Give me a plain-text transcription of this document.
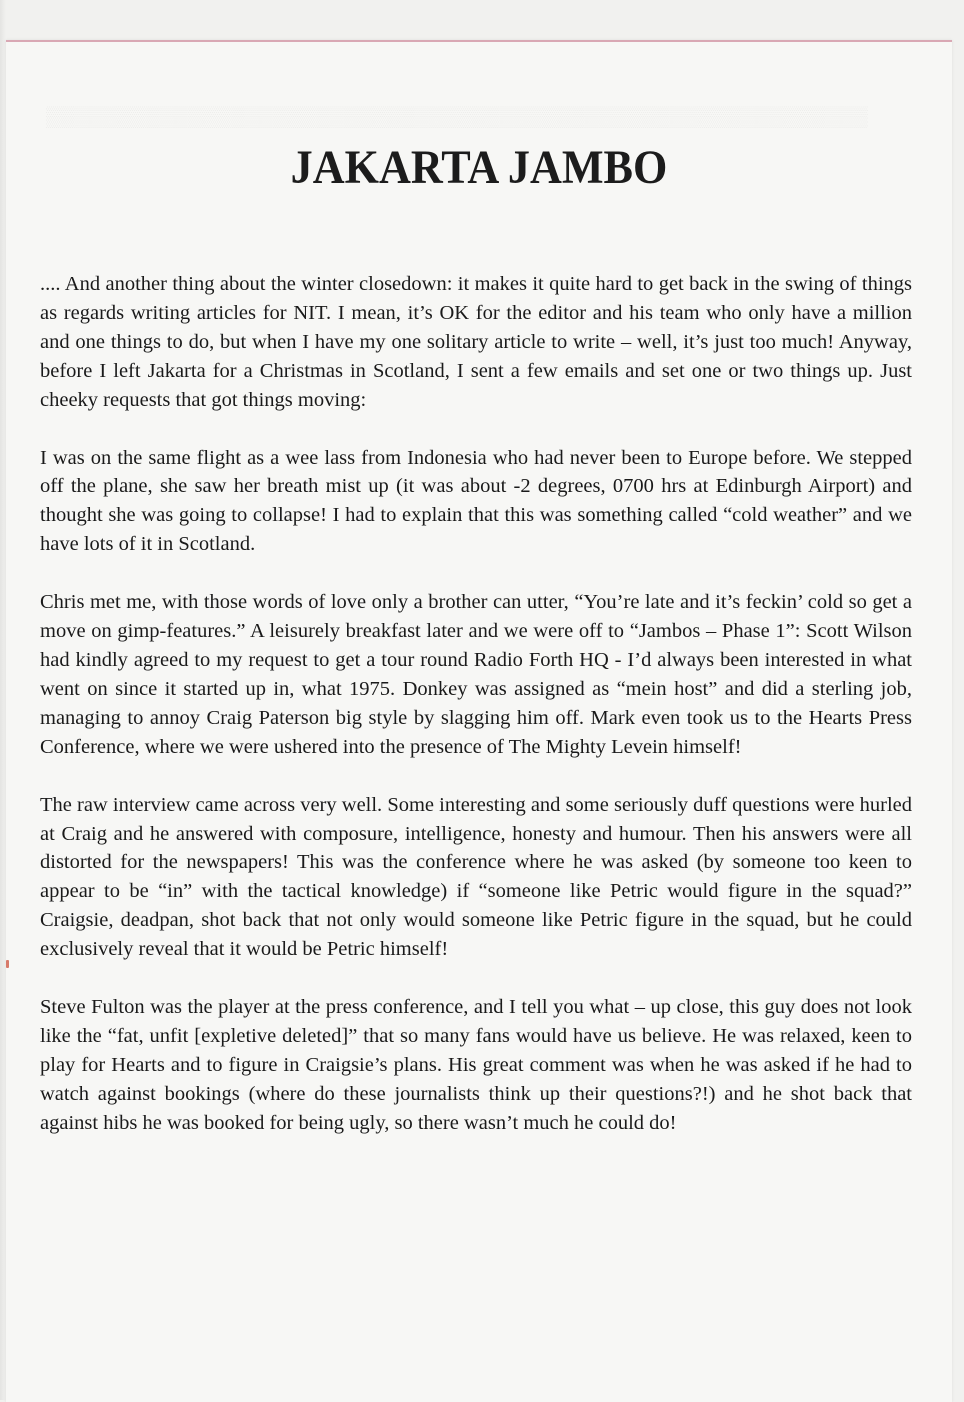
JAKARTA JAMBO

.... And another thing about the winter closedown: it makes it quite hard to get back in the swing of things as regards writing articles for NIT. I mean, it’s OK for the editor and his team who only have a million and one things to do, but when I have my one solitary article to write – well, it’s just too much! Anyway, before I left Jakarta for a Christmas in Scotland, I sent a few emails and set one or two things up. Just cheeky requests that got things moving:

I was on the same flight as a wee lass from Indonesia who had never been to Europe before. We stepped off the plane, she saw her breath mist up (it was about -2 degrees, 0700 hrs at Edinburgh Airport) and thought she was going to collapse! I had to explain that this was something called “cold weather” and we have lots of it in Scotland.

Chris met me, with those words of love only a brother can utter, “You’re late and it’s feckin’ cold so get a move on gimp-features.” A leisurely breakfast later and we were off to “Jambos – Phase 1”: Scott Wilson had kindly agreed to my request to get a tour round Radio Forth HQ - I’d always been interested in what went on since it started up in, what 1975. Donkey was assigned as “mein host” and did a sterling job, managing to annoy Craig Paterson big style by slagging him off. Mark even took us to the Hearts Press Conference, where we were ushered into the presence of The Mighty Levein himself!

The raw interview came across very well. Some interesting and some seriously duff questions were hurled at Craig and he answered with composure, intelligence, honesty and humour. Then his answers were all distorted for the newspapers! This was the conference where he was asked (by someone too keen to appear to be “in” with the tactical knowledge) if “someone like Petric would figure in the squad?” Craigsie, deadpan, shot back that not only would someone like Petric figure in the squad, but he could exclusively reveal that it would be Petric himself!

Steve Fulton was the player at the press conference, and I tell you what – up close, this guy does not look like the “fat, unfit [expletive deleted]” that so many fans would have us believe. He was relaxed, keen to play for Hearts and to figure in Craigsie’s plans. His great comment was when he was asked if he had to watch against bookings (where do these journalists think up their questions?!) and he shot back that against hibs he was booked for being ugly, so there wasn’t much he could do!
